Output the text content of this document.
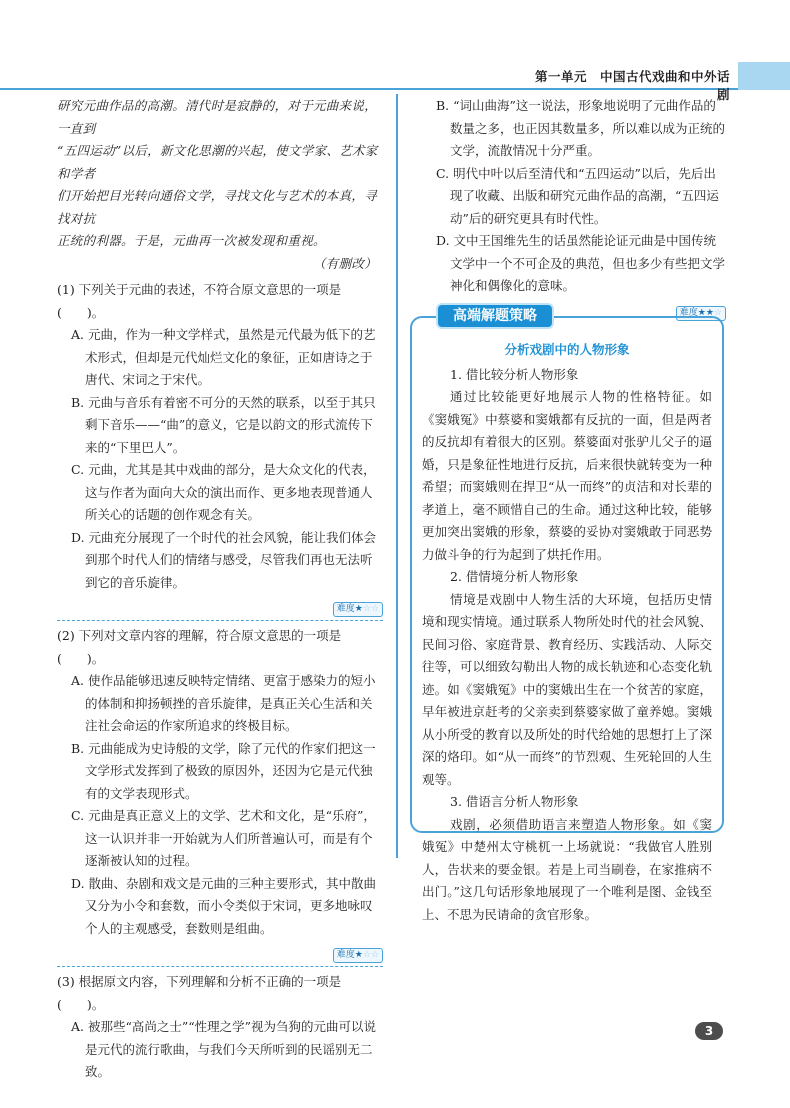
第一单元　中国古代戏曲和中外话剧
研究元曲作品的高潮。清代时是寂静的，对于元曲来说，一直到
“五四运动”以后，新文化思潮的兴起，使文学家、艺术家和学者
们开始把目光转向通俗文学，寻找文化与艺术的本真，寻找对抗
正统的利器。于是，元曲再一次被发现和重视。
（有删改）
(1) 下列关于元曲的表述，不符合原文意思的一项是(　　)。
A. 元曲，作为一种文学样式，虽然是元代最为低下的艺术形式，但却是元代灿烂文化的象征，正如唐诗之于唐代、宋词之于宋代。
B. 元曲与音乐有着密不可分的天然的联系，以至于其只剩下音乐——“曲”的意义，它是以韵文的形式流传下来的“下里巴人”。
C. 元曲，尤其是其中戏曲的部分，是大众文化的代表，这与作者为面向大众的演出而作、更多地表现普通人所关心的话题的创作观念有关。
D. 元曲充分展现了一个时代的社会风貌，能让我们体会到那个时代人们的情绪与感受，尽管我们再也无法听到它的音乐旋律。
难度★☆☆
(2) 下列对文章内容的理解，符合原文意思的一项是(　　)。
A. 使作品能够迅速反映特定情绪、更富于感染力的短小的体制和抑扬顿挫的音乐旋律，是真正关心生活和关注社会命运的作家所追求的终极目标。
B. 元曲能成为史诗般的文学，除了元代的作家们把这一文学形式发挥到了极致的原因外，还因为它是元代独有的文学表现形式。
C. 元曲是真正意义上的文学、艺术和文化，是“乐府”，这一认识并非一开始就为人们所普遍认可，而是有个逐渐被认知的过程。
D. 散曲、杂剧和戏文是元曲的三种主要形式，其中散曲又分为小令和套数，而小令类似于宋词，更多地咏叹个人的主观感受，套数则是组曲。
难度★☆☆
(3) 根据原文内容，下列理解和分析不正确的一项是(　　)。
A. 被那些“高尚之士”“性理之学”视为刍狗的元曲可以说是元代的流行歌曲，与我们今天所听到的民谣别无二致。
B. “词山曲海”这一说法，形象地说明了元曲作品的数量之多，也正因其数量多，所以难以成为正统的文学，流散情况十分严重。
C. 明代中叶以后至清代和“五四运动”以后，先后出现了收藏、出版和研究元曲作品的高潮，“五四运动”后的研究更具有时代性。
D. 文中王国维先生的话虽然能论证元曲是中国传统文学中一个不可企及的典范，但也多少有些把文学神化和偶像化的意味。
难度★★☆
高端解题策略
分析戏剧中的人物形象
1. 借比较分析人物形象
通过比较能更好地展示人物的性格特征。如《窦娥冤》中蔡婆和窦娥都有反抗的一面，但是两者的反抗却有着很大的区别。蔡婆面对张驴儿父子的逼婚，只是象征性地进行反抗，后来很快就转变为一种希望；而窦娥则在捍卫“从一而终”的贞洁和对长辈的孝道上，毫不顾惜自己的生命。通过这种比较，能够更加突出窦娥的形象，蔡婆的妥协对窦娥敢于同恶势力做斗争的行为起到了烘托作用。
2. 借情境分析人物形象
情境是戏剧中人物生活的大环境，包括历史情境和现实情境。通过联系人物所处时代的社会风貌、民间习俗、家庭背景、教育经历、实践活动、人际交往等，可以细致勾勒出人物的成长轨迹和心态变化轨迹。如《窦娥冤》中的窦娥出生在一个贫苦的家庭，早年被进京赶考的父亲卖到蔡婆家做了童养媳。窦娥从小所受的教育以及所处的时代给她的思想打上了深深的烙印。如“从一而终”的节烈观、生死轮回的人生观等。
3. 借语言分析人物形象
戏剧，必须借助语言来塑造人物形象。如《窦娥冤》中楚州太守桃杌一上场就说：“我做官人胜别人，告状来的要金银。若是上司当刷卷，在家推病不出门。”这几句话形象地展现了一个唯利是图、金钱至上、不思为民请命的贪官形象。
3
